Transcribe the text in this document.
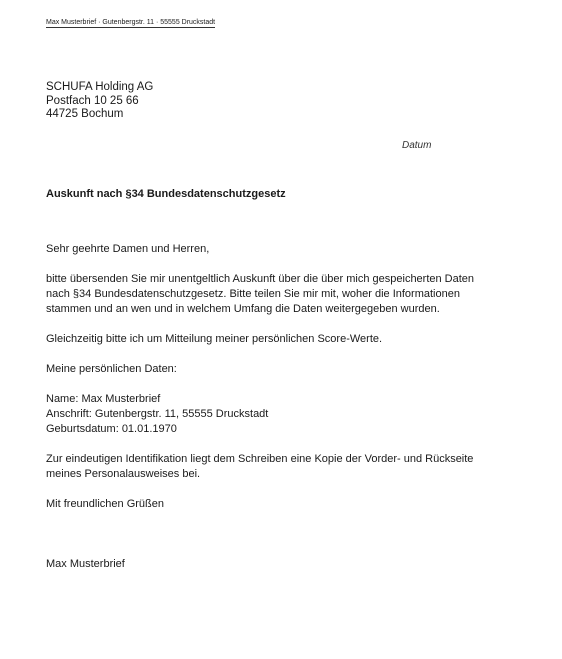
Max Musterbrief · Gutenbergstr. 11 · 55555 Druckstadt
SCHUFA Holding AG
Postfach 10 25 66
44725 Bochum
Datum
Auskunft nach §34 Bundesdatenschutzgesetz
Sehr geehrte Damen und Herren,
bitte übersenden Sie mir unentgeltlich Auskunft über die über mich gespeicherten Daten
nach §34 Bundesdatenschutzgesetz. Bitte teilen Sie mir mit, woher die Informationen
stammen und an wen und in welchem Umfang die Daten weitergegeben wurden.
Gleichzeitig bitte ich um Mitteilung meiner persönlichen Score-Werte.
Meine persönlichen Daten:
Name: Max Musterbrief
Anschrift: Gutenbergstr. 11, 55555 Druckstadt
Geburtsdatum: 01.01.1970
Zur eindeutigen Identifikation liegt dem Schreiben eine Kopie der Vorder- und Rückseite
meines Personalausweises bei.
Mit freundlichen Grüßen
Max Musterbrief
